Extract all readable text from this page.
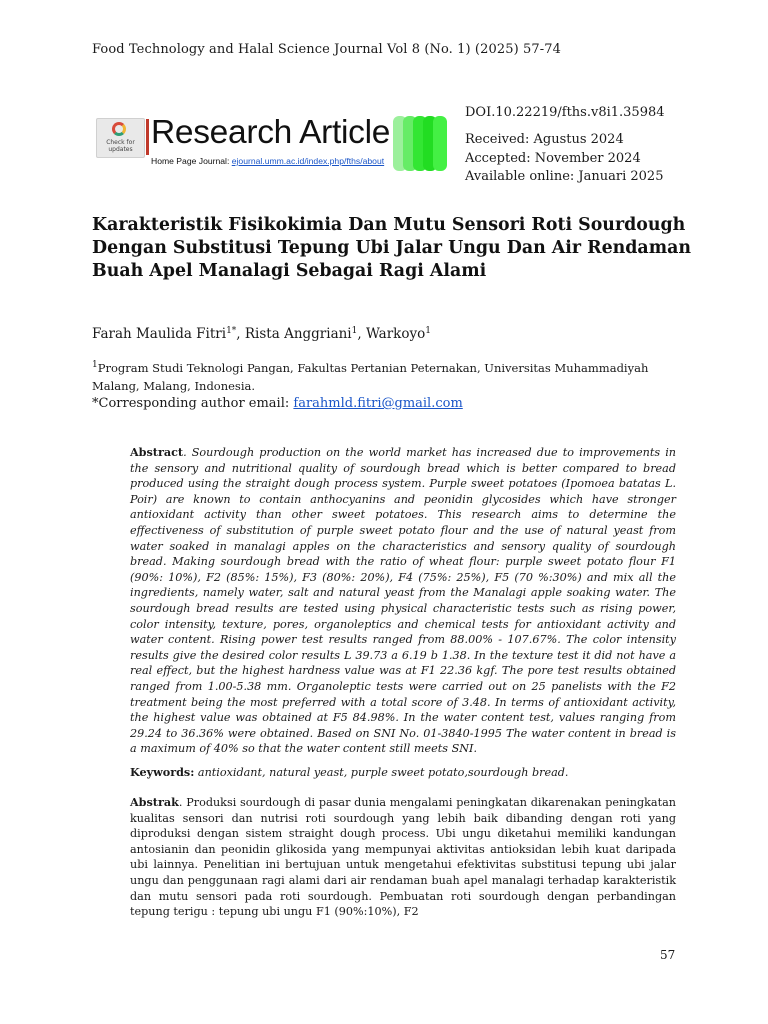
Food Technology and Halal Science Journal Vol 8 (No. 1) (2025) 57-74
DOI.10.22219/fths.v8i1.35984
Received: Agustus 2024
Accepted: November 2024
Available online: Januari 2025
Check for
updates Research Article
Home Page Journal: ejournal.umm.ac.id/index.php/fths/about
Karakteristik Fisikokimia Dan Mutu Sensori Roti Sourdough Dengan Substitusi Tepung Ubi Jalar Ungu Dan Air Rendaman Buah Apel Manalagi Sebagai Ragi Alami
Farah Maulida Fitri$^{1*}$, Rista Anggriani$^1$, Warkoyo$^1$
$^1$Program Studi Teknologi Pangan, Fakultas Pertanian Peternakan, Universitas Muhammadiyah Malang, Malang, Indonesia.
*Corresponding author email: farahmld.fitri@gmail.com
Abstract. Sourdough production on the world market has increased due to improvements in the sensory and nutritional quality of sourdough bread which is better compared to bread produced using the straight dough process system. Purple sweet potatoes (Ipomoea batatas L. Poir) are known to contain anthocyanins and peonidin glycosides which have stronger antioxidant activity than other sweet potatoes. This research aims to determine the effectiveness of substitution of purple sweet potato flour and the use of natural yeast from water soaked in manalagi apples on the characteristics and sensory quality of sourdough bread. Making sourdough bread with the ratio of wheat flour: purple sweet potato flour F1 (90%: 10%), F2 (85%: 15%), F3 (80%: 20%), F4 (75%: 25%), F5 (70 %:30%) and mix all the ingredients, namely water, salt and natural yeast from the Manalagi apple soaking water. The sourdough bread results are tested using physical characteristic tests such as rising power, color intensity, texture, pores, organoleptics and chemical tests for antioxidant activity and water content. Rising power test results ranged from 88.00% - 107.67%. The color intensity results give the desired color results L 39.73 a 6.19 b 1.38. In the texture test it did not have a real effect, but the highest hardness value was at F1 22.36 kgf. The pore test results obtained ranged from 1.00-5.38 mm. Organoleptic tests were carried out on 25 panelists with the F2 treatment being the most preferred with a total score of 3.48. In terms of antioxidant activity, the highest value was obtained at F5 84.98%. In the water content test, values ranging from 29.24 to 36.36% were obtained. Based on SNI No. 01-3840-1995 The water content in bread is a maximum of 40% so that the water content still meets SNI.
Keywords: antioxidant, natural yeast, purple sweet potato,sourdough bread.
Abstrak. Produksi sourdough di pasar dunia mengalami peningkatan dikarenakan peningkatan kualitas sensori dan nutrisi roti sourdough yang lebih baik dibanding dengan roti yang diproduksi dengan sistem straight dough process. Ubi ungu diketahui memiliki kandungan antosianin dan peonidin glikosida yang mempunyai aktivitas antioksidan lebih kuat daripada ubi lainnya. Penelitian ini bertujuan untuk mengetahui efektivitas substitusi tepung ubi jalar ungu dan penggunaan ragi alami dari air rendaman buah apel manalagi terhadap karakteristik dan mutu sensori pada roti sourdough. Pembuatan roti sourdough dengan perbandingan tepung terigu : tepung ubi ungu F1 (90%:10%), F2
57
